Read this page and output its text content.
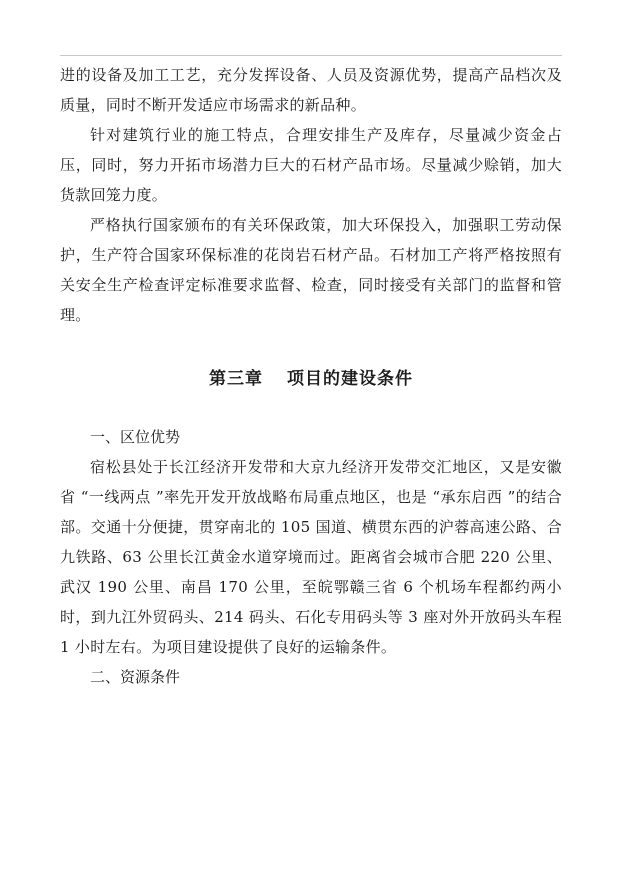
进的设备及加工工艺，充分发挥设备、人员及资源优势，提高产品档次及质量，同时不断开发适应市场需求的新品种。

针对建筑行业的施工特点，合理安排生产及库存，尽量减少资金占压，同时，努力开拓市场潜力巨大的石材产品市场。尽量减少赊销，加大货款回笼力度。

严格执行国家颁布的有关环保政策，加大环保投入，加强职工劳动保护，生产符合国家环保标准的花岗岩石材产品。石材加工产将严格按照有关安全生产检查评定标准要求监督、检查，同时接受有关部门的监督和管理。

第三章 项目的建设条件

一、区位优势

宿松县处于长江经济开发带和大京九经济开发带交汇地区，又是安徽省 “一线两点 ”率先开发开放战略布局重点地区，也是 “承东启西 ”的结合部。交通十分便捷，贯穿南北的 105 国道、横贯东西的沪蓉高速公路、合九铁路、63 公里长江黄金水道穿境而过。距离省会城市合肥 220 公里、武汉 190 公里、南昌 170 公里，至皖鄂赣三省 6 个机场车程都约两小时，到九江外贸码头、214 码头、石化专用码头等 3 座对外开放码头车程 1 小时左右。为项目建设提供了良好的运输条件。

二、资源条件
